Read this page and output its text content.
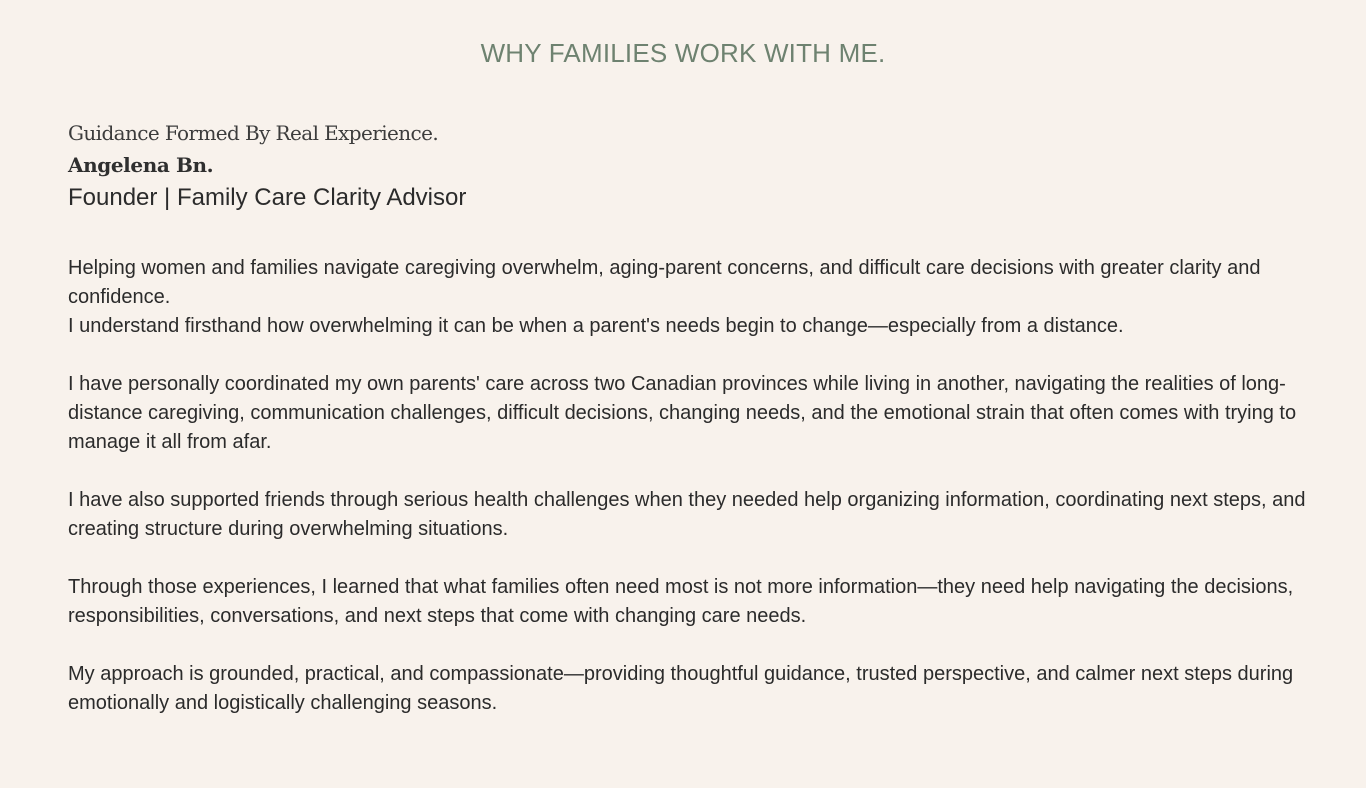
WHY FAMILIES WORK WITH ME.

Guidance Formed By Real Experience.

Angelena Bn.

Founder | Family Care Clarity Advisor

Helping women and families navigate caregiving overwhelm, aging-parent concerns, and difficult care decisions with greater clarity and confidence.

I understand firsthand how overwhelming it can be when a parent's needs begin to change—especially from a distance.

I have personally coordinated my own parents' care across two Canadian provinces while living in another, navigating the realities of long-distance caregiving, communication challenges, difficult decisions, changing needs, and the emotional strain that often comes with trying to manage it all from afar.

I have also supported friends through serious health challenges when they needed help organizing information, coordinating next steps, and creating structure during overwhelming situations.

Through those experiences, I learned that what families often need most is not more information—they need help navigating the decisions, responsibilities, conversations, and next steps that come with changing care needs.

My approach is grounded, practical, and compassionate—providing thoughtful guidance, trusted perspective, and calmer next steps during emotionally and logistically challenging seasons.
